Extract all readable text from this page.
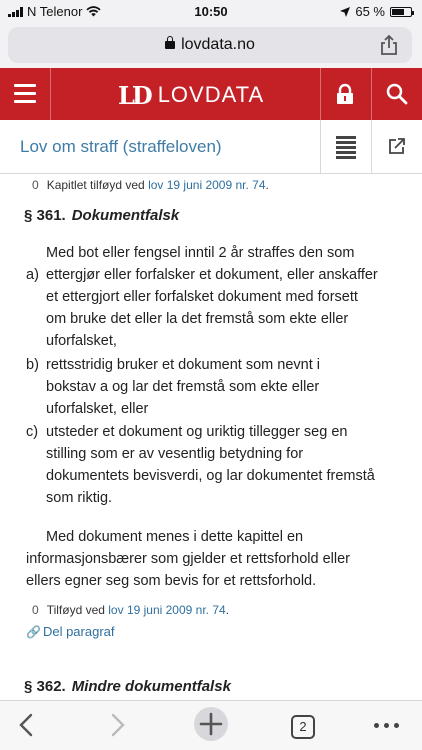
N Telenor	10:50	65 %
lovdata.no
LD LOVDATA
Lov om straff (straffeloven)
0 Kapitlet tilføyd ved lov 19 juni 2009 nr. 74.
§ 361. Dokumentfalsk
Med bot eller fengsel inntil 2 år straffes den som
a) ettergjør eller forfalsker et dokument, eller anskaffer
et ettergjort eller forfalsket dokument med forsett
om bruke det eller la det fremstå som ekte eller
uforfalsket,
b) rettsstridig bruker et dokument som nevnt i
bokstav a og lar det fremstå som ekte eller
uforfalsket, eller
c) utsteder et dokument og uriktig tillegger seg en
stilling som er av vesentlig betydning for
dokumentets bevisverdi, og lar dokumentet fremstå
som riktig.
Med dokument menes i dette kapittel en
informasjonsbærer som gjelder et rettsforhold eller
ellers egner seg som bevis for et rettsforhold.
0 Tilføyd ved lov 19 juni 2009 nr. 74.
🔗 Del paragraf
§ 362. Mindre dokumentfalsk
2
